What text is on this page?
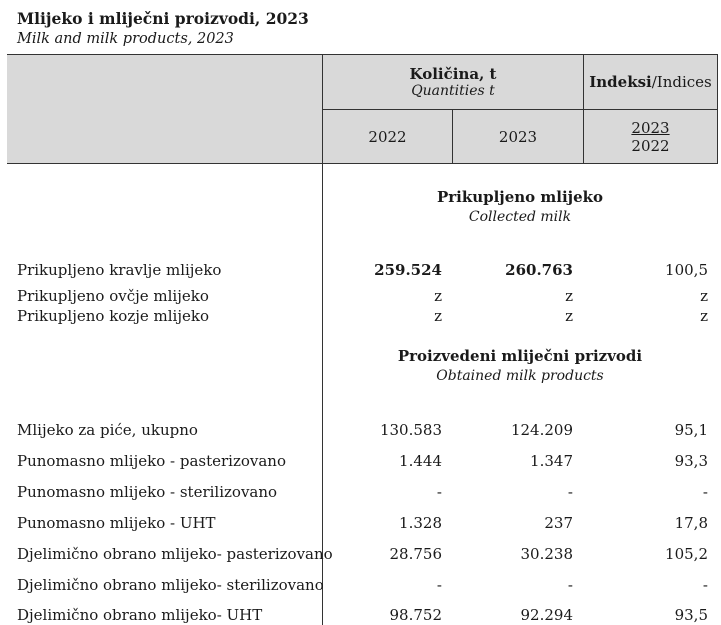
Mlijeko i mliječni proizvodi, 2023
Milk and milk products, 2023
Količina, t
Quantities t	Indeksi/Indices
2022	2023	$\frac{2023}{2022}$
Prikupljeno mlijeko
Collected milk
Prikupljeno kravlje mlijeko	259.524	260.763	100,5
Prikupljeno ovčje mlijeko	z	z	z
Prikupljeno kozje mlijeko	z	z	z
Proizvedeni mliječni prizvodi
Obtained milk products
Mlijeko za piće, ukupno	130.583	124.209	95,1
Punomasno mlijeko - pasterizovano	1.444	1.347	93,3
Punomasno mlijeko - sterilizovano	-	-	-
Punomasno mlijeko - UHT	1.328	237	17,8
Djelimično obrano mlijeko- pasterizovano	28.756	30.238	105,2
Djelimično obrano mlijeko- sterilizovano	-	-	-
Djelimično obrano mlijeko- UHT	98.752	92.294	93,5
